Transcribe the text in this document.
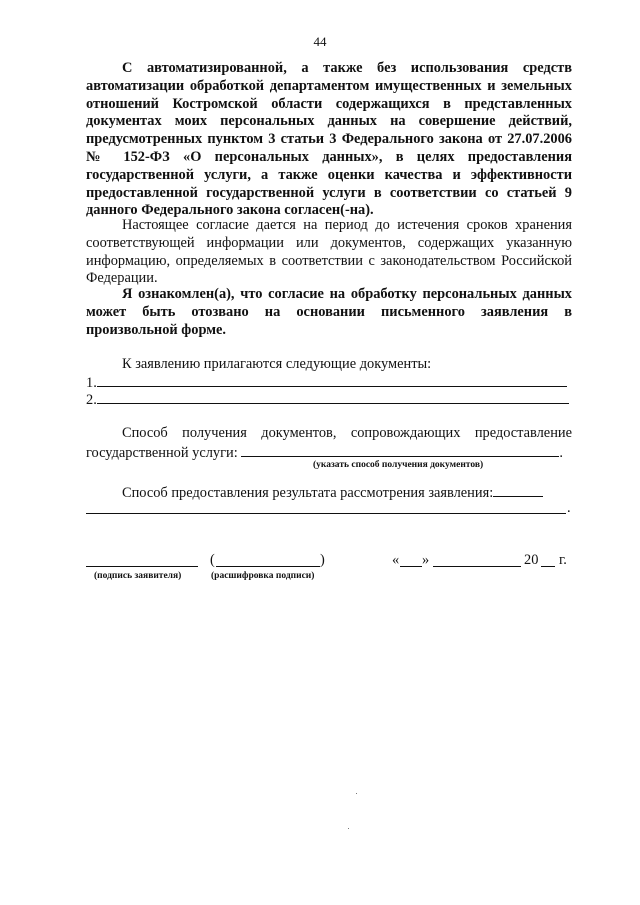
44

С автоматизированной, а также без использования средств автоматизации обработкой департаментом имущественных и земельных отношений Костромской области содержащихся в представленных документах моих персональных данных на совершение действий, предусмотренных пунктом 3 статьи 3 Федерального закона от 27.07.2006 № 152-ФЗ «О персональных данных», в целях предоставления государственной услуги, а также оценки качества и эффективности предоставленной государственной услуги в соответствии со статьей 9 данного Федерального закона согласен(-на).

Настоящее согласие дается на период до истечения сроков хранения соответствующей информации или документов, содержащих указанную информацию, определяемых в соответствии с законодательством Российской Федерации.

Я ознакомлен(а), что согласие на обработку персональных данных может быть отозвано на основании письменного заявления в произвольной форме.

К заявлению прилагаются следующие документы:

1.
2.

Способ получения документов, сопровождающих предоставление государственной услуги:	.

(указать способ получения документов)
Способ предоставления результата рассмотрения заявления:
.
(	)	« »	20 г.
(подпись заявителя)	(расшифровка подписи)
